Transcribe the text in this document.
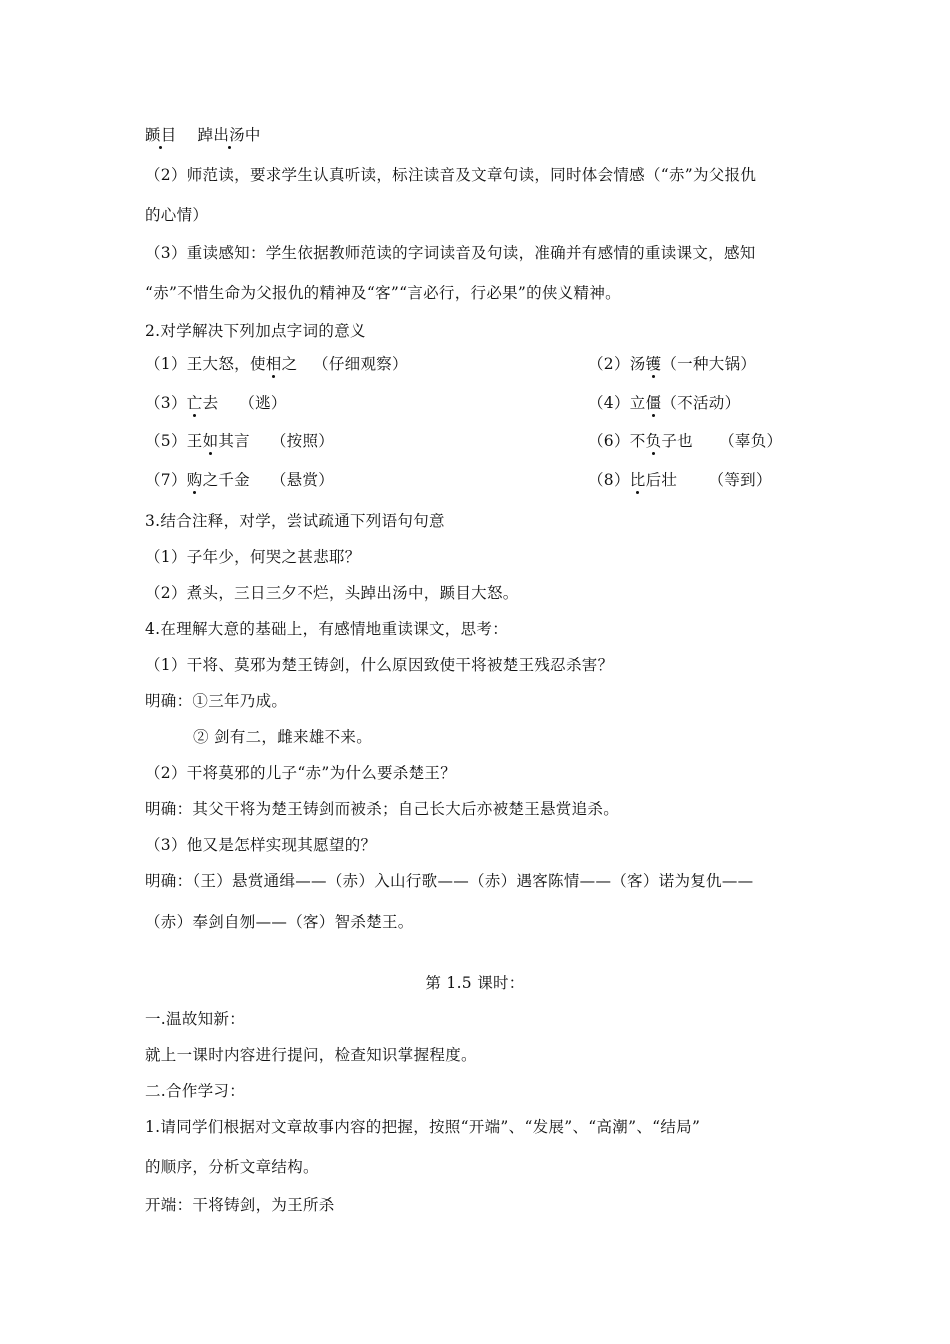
踬目 踔出汤中
（2）师范读，要求学生认真听读，标注读音及文章句读，同时体会情感（“赤”为父报仇
的心情）
（3）重读感知：学生依据教师范读的字词读音及句读，准确并有感情的重读课文，感知
“赤”不惜生命为父报仇的精神及“客”“言必行，行必果”的侠义精神。
2.对学解决下列加点字词的意义
（1）王大怒，使相之   （仔细观察）	（2）汤镬（一种大锅）
（3）亡去    （逃）	（4）立僵（不活动）
（5）王如其言    （按照）	（6）不负子也     （辜负）
（7）购之千金    （悬赏）	（8）比后壮      （等到）
3.结合注释，对学，尝试疏通下列语句句意
（1）子年少，何哭之甚悲耶？
（2）煮头，三日三夕不烂，头踔出汤中，踬目大怒。
4.在理解大意的基础上，有感情地重读课文，思考：
（1）干将、莫邪为楚王铸剑，什么原因致使干将被楚王残忍杀害？
明确：①三年乃成。
② 剑有二，雌来雄不来。
（2）干将莫邪的儿子“赤”为什么要杀楚王？
明确：其父干将为楚王铸剑而被杀；自己长大后亦被楚王悬赏追杀。
（3）他又是怎样实现其愿望的？
明确：（王）悬赏通缉——（赤）入山行歌——（赤）遇客陈情——（客）诺为复仇——
（赤）奉剑自刎——（客）智杀楚王。
第 1.5 课时：
一.温故知新：
就上一课时内容进行提问，检查知识掌握程度。
二.合作学习：
1.请同学们根据对文章故事内容的把握，按照“开端”、“发展”、“高潮”、“结局”
的顺序，分析文章结构。
开端：干将铸剑，为王所杀
